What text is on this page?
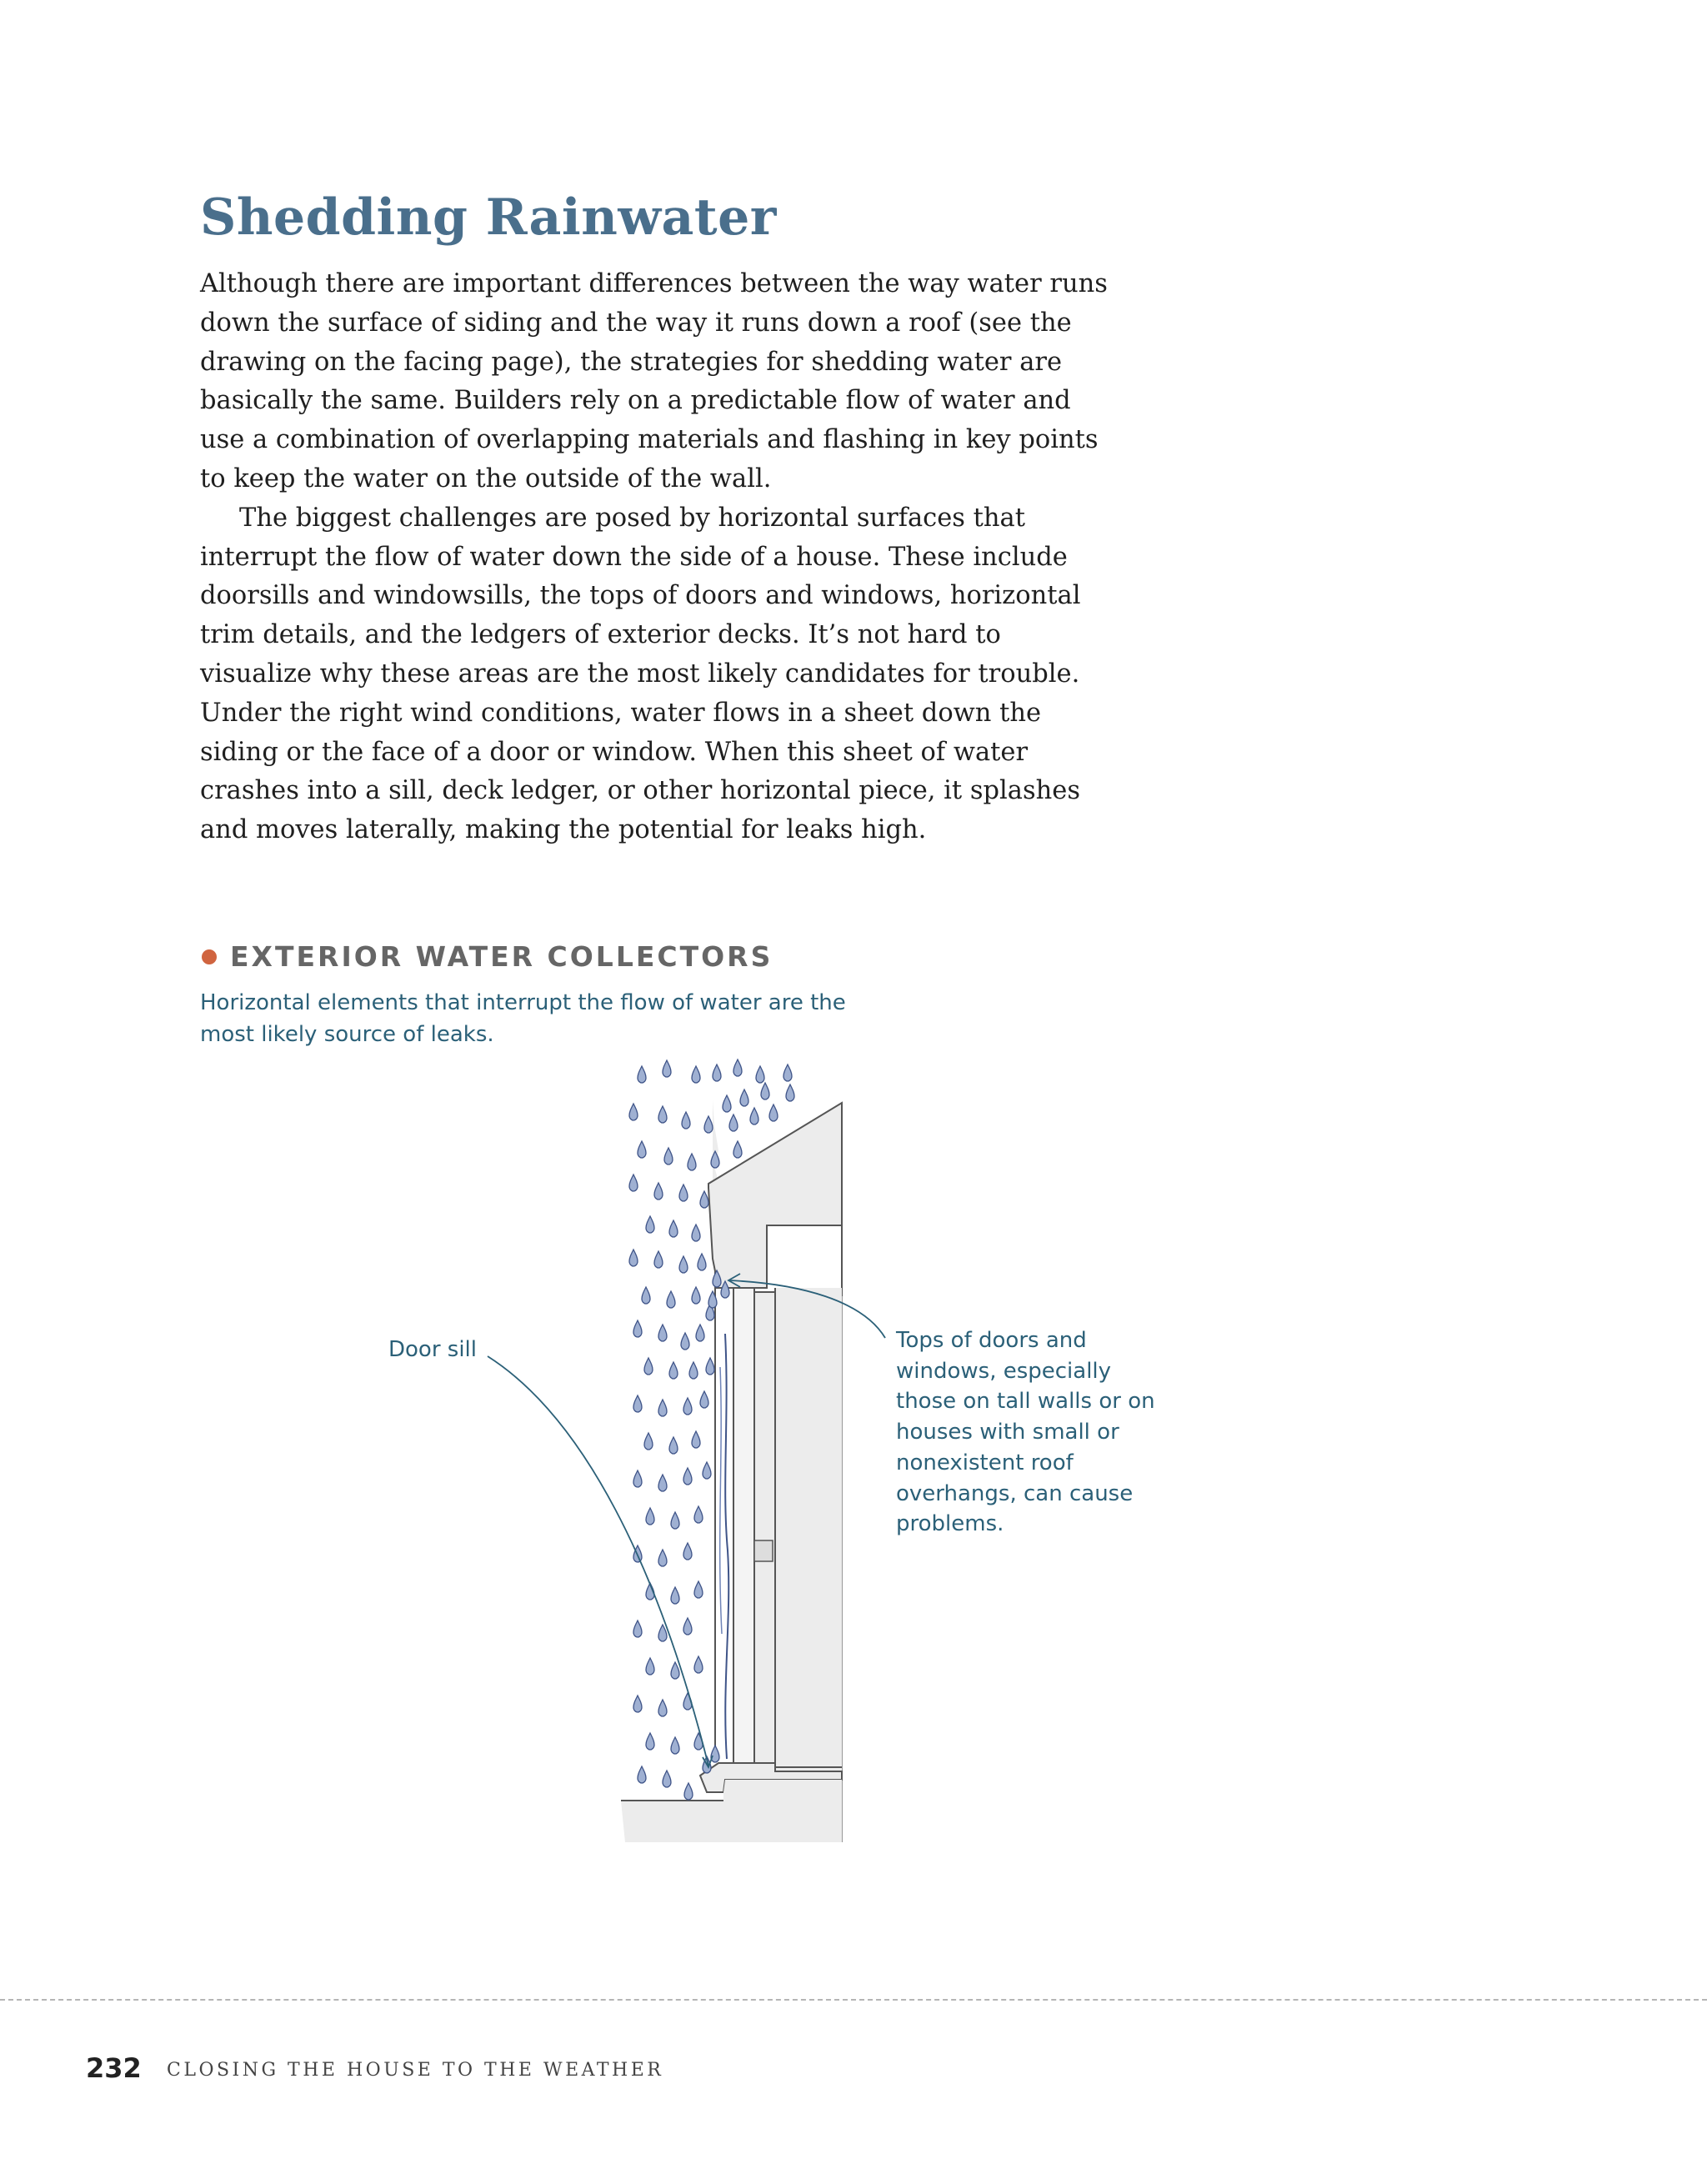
Shedding Rainwater

Although there are important differences between the way water runs down the surface of siding and the way it runs down a roof (see the drawing on the facing page), the strategies for shedding water are basically the same. Builders rely on a predictable flow of water and use a combination of overlapping materials and flashing in key points to keep the water on the outside of the wall.

The biggest challenges are posed by horizontal surfaces that interrupt the flow of water down the side of a house. These include doorsills and windowsills, the tops of doors and windows, horizontal trim details, and the ledgers of exterior decks. It’s not hard to visualize why these areas are the most likely candidates for trouble. Under the right wind conditions, water flows in a sheet down the siding or the face of a door or window. When this sheet of water crashes into a sill, deck ledger, or other horizontal piece, it splashes and moves laterally, making the potential for leaks high.

EXTERIOR WATER COLLECTORS
Horizontal elements that interrupt the flow of water are the most likely source of leaks.
Door sill	Tops of doors and windows, especially those on tall walls or on houses with small or nonexistent roof overhangs, can cause problems.
232 CLOSING THE HOUSE TO THE WEATHER
